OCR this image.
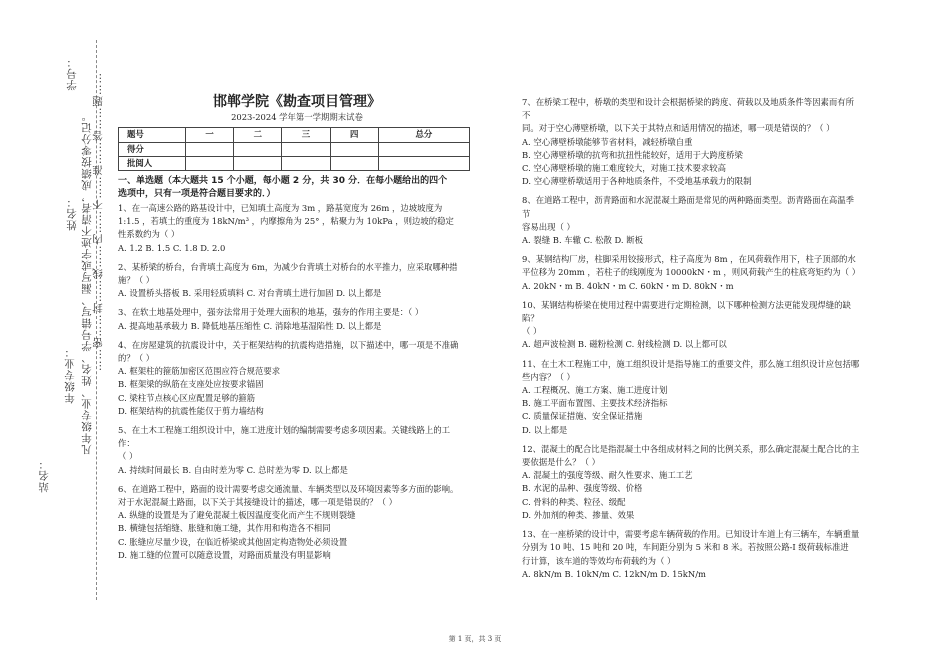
学号： ……密……封……线……内……不……准……答……题……
姓名： 凡年级专业、姓名、学号错写、漏写或字迹不清者，成绩按零分记。
年级专业：
站名：
邯郸学院《勘查项目管理》
2023-2024 学年第一学期期末试卷
题号	一	二	三	四	总分
得分					
批阅人					
一、单选题（本大题共 15 个小题，每小题 2 分，共 30 分．在每小题给出的四个
选项中，只有一项是符合题目要求的．）
1、在一高速公路的路基设计中，已知填土高度为 3m ，路基宽度为 26m ，边坡坡度为
1:1.5 ，若填土的重度为 18kN/m³ ，内摩擦角为 25° ，粘聚力为 10kPa ，则边坡的稳定
性系数约为（ ）
A. 1.2 B. 1.5 C. 1.8 D. 2.0
2、某桥梁的桥台，台背填土高度为 6m，为减少台背填土对桥台的水平推力，应采取哪种措
施？（ ）
A. 设置桥头搭板 B. 采用轻质填料 C. 对台背填土进行加固 D. 以上都是
3、在软土地基处理中，强夯法常用于处理大面积的地基，强夯的作用主要是：（ ）
A. 提高地基承载力 B. 降低地基压缩性 C. 消除地基湿陷性 D. 以上都是
4、在房屋建筑的抗震设计中，关于框架结构的抗震构造措施，以下描述中，哪一项是不准确
的？（ ）
A. 框架柱的箍筋加密区范围应符合规范要求
B. 框架梁的纵筋在支座处应按要求锚固
C. 梁柱节点核心区应配置足够的箍筋
D. 框架结构的抗震性能仅于剪力墙结构
5、在土木工程施工组织设计中，施工进度计划的编制需要考虑多项因素。关键线路上的工作：
（ ）
A. 持续时间最长 B. 自由时差为零 C. 总时差为零 D. 以上都是
6、在道路工程中，路面的设计需要考虑交通流量、车辆类型以及环境因素等多方面的影响。
对于水泥混凝土路面，以下关于其接缝设计的描述，哪一项是错误的？（ ）
A. 纵缝的设置是为了避免混凝土板因温度变化而产生不规则裂缝
B. 横缝包括缩缝、胀缝和施工缝，其作用和构造各不相同
C. 胀缝应尽量少设，在临近桥梁或其他固定构造物处必须设置
D. 施工缝的位置可以随意设置，对路面质量没有明显影响
7、在桥梁工程中，桥墩的类型和设计会根据桥梁的跨度、荷载以及地质条件等因素而有所不
同。对于空心薄壁桥墩，以下关于其特点和适用情况的描述，哪一项是错误的？（ ）
A. 空心薄壁桥墩能够节省材料，减轻桥墩自重
B. 空心薄壁桥墩的抗弯和抗扭性能较好，适用于大跨度桥梁
C. 空心薄壁桥墩的施工难度较大，对施工技术要求较高
D. 空心薄壁桥墩适用于各种地质条件，不受地基承载力的限制
8、在道路工程中，沥青路面和水泥混凝土路面是常见的两种路面类型。沥青路面在高温季节
容易出现（ ）
A. 裂缝 B. 车辙 C. 松散 D. 断板
9、某钢结构厂房，柱脚采用铰接形式，柱子高度为 8m ，在风荷载作用下，柱子顶部的水
平位移为 20mm ，若柱子的线刚度为 10000kN・m ，则风荷载产生的柱底弯矩约为（ ）
A. 20kN・m B. 40kN・m C. 60kN・m D. 80kN・m
10、某钢结构桥梁在使用过程中需要进行定期检测，以下哪种检测方法更能发现焊缝的缺陷？
（ ）
A. 超声波检测 B. 磁粉检测 C. 射线检测 D. 以上都可以
11、在土木工程施工中，施工组织设计是指导施工的重要文件，那么施工组织设计应包括哪
些内容？（ ）
A. 工程概况、施工方案、施工进度计划
B. 施工平面布置图、主要技术经济指标
C. 质量保证措施、安全保证措施
D. 以上都是
12、混凝土的配合比是指混凝土中各组成材料之间的比例关系，那么确定混凝土配合比的主
要依据是什么？（ ）
A. 混凝土的强度等级、耐久性要求、施工工艺
B. 水泥的品种、强度等级、价格
C. 骨料的种类、粒径、级配
D. 外加剂的种类、掺量、效果
13、在一座桥梁的设计中，需要考虑车辆荷载的作用。已知设计车道上有三辆车，车辆重量
分别为 10 吨、15 吨和 20 吨，车间距分别为 5 米和 8 米。若按照公路-I 级荷载标准进
行计算，该车道的等效均布荷载约为（ ）
A. 8kN/m B. 10kN/m C. 12kN/m D. 15kN/m
第 1 页，共 3 页
